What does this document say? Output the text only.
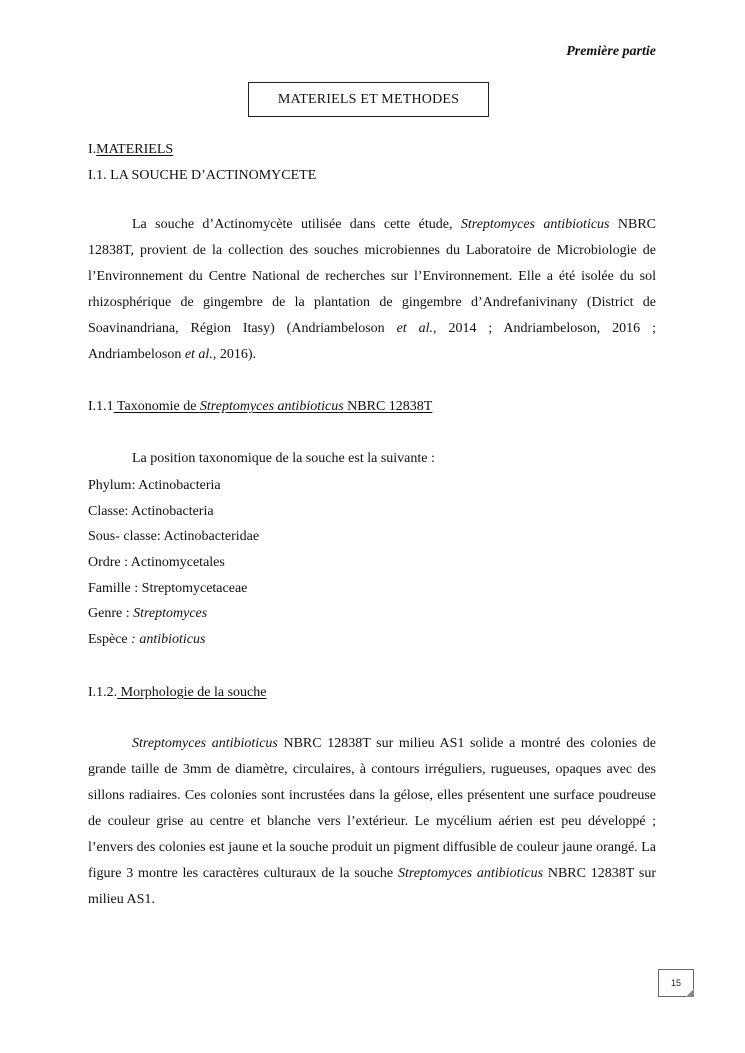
Première partie
MATERIELS ET METHODES
I.MATERIELS
I.1. LA SOUCHE D’ACTINOMYCETE

La souche d’Actinomycète utilisée dans cette étude, Streptomyces antibioticus NBRC 12838T, provient de la collection des souches microbiennes du Laboratoire de Microbiologie de l’Environnement du Centre National de recherches sur l’Environnement. Elle a été isolée du sol rhizosphérique de gingembre de la plantation de gingembre d’Andrefanivinany (District de Soavinandriana, Région Itasy) (Andriambeloson et al., 2014 ; Andriambeloson, 2016 ; Andriambeloson et al., 2016).

I.1.1 Taxonomie de Streptomyces antibioticus NBRC 12838T
La position taxonomique de la souche est la suivante :
Phylum: Actinobacteria
Classe: Actinobacteria
Sous- classe: Actinobacteridae
Ordre : Actinomycetales
Famille : Streptomycetaceae
Genre : Streptomyces
Espèce : antibioticus
I.1.2. Morphologie de la souche

Streptomyces antibioticus NBRC 12838T sur milieu AS1 solide a montré des colonies de grande taille de 3mm de diamètre, circulaires, à contours irréguliers, rugueuses, opaques avec des sillons radiaires. Ces colonies sont incrustées dans la gélose, elles présentent une surface poudreuse de couleur grise au centre et blanche vers l’extérieur. Le mycélium aérien est peu développé ; l’envers des colonies est jaune et la souche produit un pigment diffusible de couleur jaune orangé. La figure 3 montre les caractères culturaux de la souche Streptomyces antibioticus NBRC 12838T sur milieu AS1.

15
